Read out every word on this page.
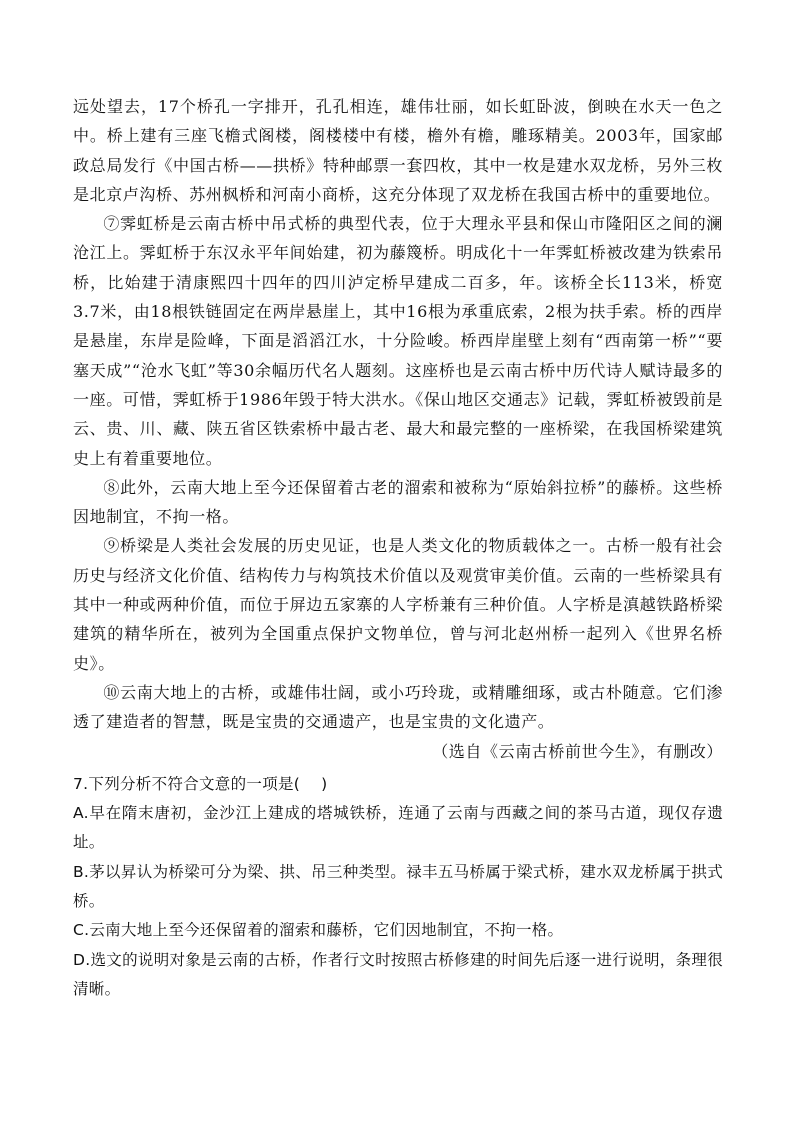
远处望去，17个桥孔一字排开，孔孔相连，雄伟壮丽，如长虹卧波，倒映在水天一色之中。桥上建有三座飞檐式阁楼，阁楼楼中有楼，檐外有檐，雕琢精美。2003年，国家邮政总局发行《中国古桥——拱桥》特种邮票一套四枚，其中一枚是建水双龙桥，另外三枚是北京卢沟桥、苏州枫桥和河南小商桥，这充分体现了双龙桥在我国古桥中的重要地位。

⑦霁虹桥是云南古桥中吊式桥的典型代表，位于大理永平县和保山市隆阳区之间的澜沧江上。霁虹桥于东汉永平年间始建，初为藤篾桥。明成化十一年霁虹桥被改建为铁索吊桥，比始建于清康熙四十四年的四川泸定桥早建成二百多，年。该桥全长113米，桥宽3.7米，由18根铁链固定在两岸悬崖上，其中16根为承重底索，2根为扶手索。桥的西岸是悬崖，东岸是险峰，下面是滔滔江水，十分险峻。桥西岸崖壁上刻有“西南第一桥”“要塞天成”“沧水飞虹”等30余幅历代名人题刻。这座桥也是云南古桥中历代诗人赋诗最多的一座。可惜，霁虹桥于1986年毁于特大洪水。《保山地区交通志》记载，霁虹桥被毁前是云、贵、川、藏、陕五省区铁索桥中最古老、最大和最完整的一座桥梁，在我国桥梁建筑史上有着重要地位。

⑧此外，云南大地上至今还保留着古老的溜索和被称为“原始斜拉桥”的藤桥。这些桥因地制宜，不拘一格。

⑨桥梁是人类社会发展的历史见证，也是人类文化的物质载体之一。古桥一般有社会历史与经济文化价值、结构传力与构筑技术价值以及观赏审美价值。云南的一些桥梁具有其中一种或两种价值，而位于屏边五家寨的人字桥兼有三种价值。人字桥是滇越铁路桥梁建筑的精华所在，被列为全国重点保护文物单位，曾与河北赵州桥一起列入《世界名桥史》。

⑩云南大地上的古桥，或雄伟壮阔，或小巧玲珑，或精雕细琢，或古朴随意。它们渗透了建造者的智慧，既是宝贵的交通遗产，也是宝贵的文化遗产。

（选自《云南古桥前世今生》，有删改）

7.下列分析不符合文意的一项是(　 )

A.早在隋末唐初，金沙江上建成的塔城铁桥，连通了云南与西藏之间的茶马古道，现仅存遗址。

B.茅以昇认为桥梁可分为梁、拱、吊三种类型。禄丰五马桥属于梁式桥，建水双龙桥属于拱式桥。

C.云南大地上至今还保留着的溜索和藤桥，它们因地制宜，不拘一格。

D.选文的说明对象是云南的古桥，作者行文时按照古桥修建的时间先后逐一进行说明，条理很清晰。
